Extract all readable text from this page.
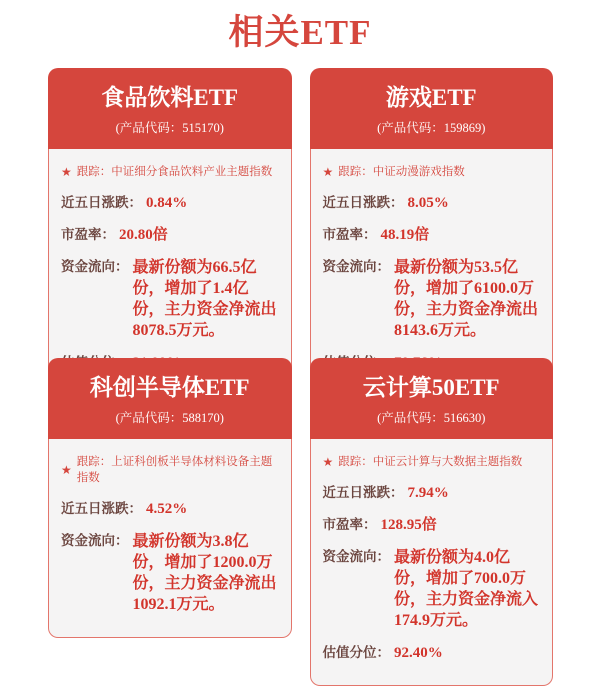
相关ETF
食品饮料ETF
(产品代码：515170)
★ 跟踪：中证细分食品饮料产业主题指数
近五日涨跌： 0.84%
市盈率： 20.80倍
资金流向： 最新份额为66.5亿份，增加了1.4亿份，主力资金净流出8078.5万元。
游戏ETF
(产品代码：159869)
★ 跟踪：中证动漫游戏指数
近五日涨跌： 8.05%
市盈率： 48.19倍
资金流向： 最新份额为53.5亿份，增加了6100.0万份，主力资金净流出8143.6万元。
科创半导体ETF
(产品代码：588170)
★
跟踪：上证科创板半导体材料设备主题指数
近五日涨跌： 4.52%
资金流向： 最新份额为3.8亿份，增加了1200.0万份，主力资金净流出1092.1万元。
云计算50ETF
(产品代码：516630)
★ 跟踪：中证云计算与大数据主题指数
近五日涨跌： 7.94%
市盈率： 128.95倍
资金流向： 最新份额为4.0亿份，增加了700.0万份，主力资金净流入174.9万元。
估值分位： 92.40%
